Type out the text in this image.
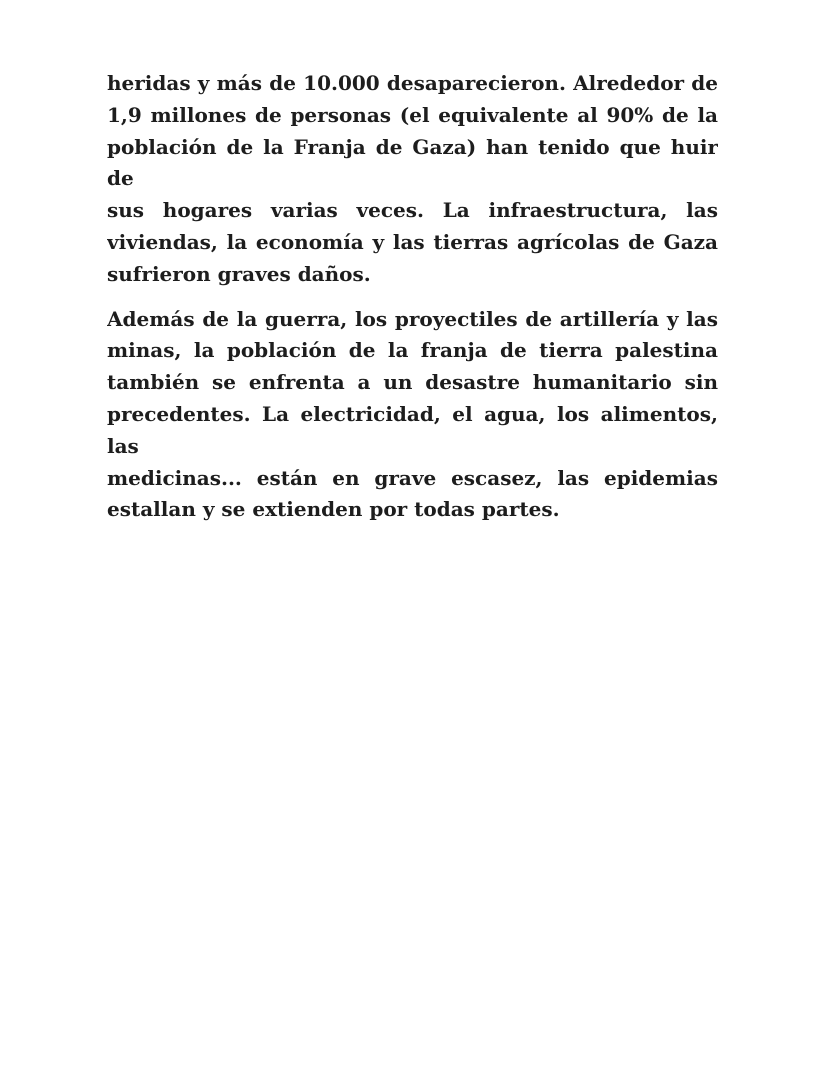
heridas y más de 10.000 desaparecieron. Alrededor de
1,9 millones de personas (el equivalente al 90% de la
población de la Franja de Gaza) han tenido que huir de
sus hogares varias veces. La infraestructura, las
viviendas, la economía y las tierras agrícolas de Gaza
sufrieron graves daños.

Además de la guerra, los proyectiles de artillería y las
minas, la población de la franja de tierra palestina
también se enfrenta a un desastre humanitario sin
precedentes. La electricidad, el agua, los alimentos, las
medicinas... están en grave escasez, las epidemias
estallan y se extienden por todas partes.
